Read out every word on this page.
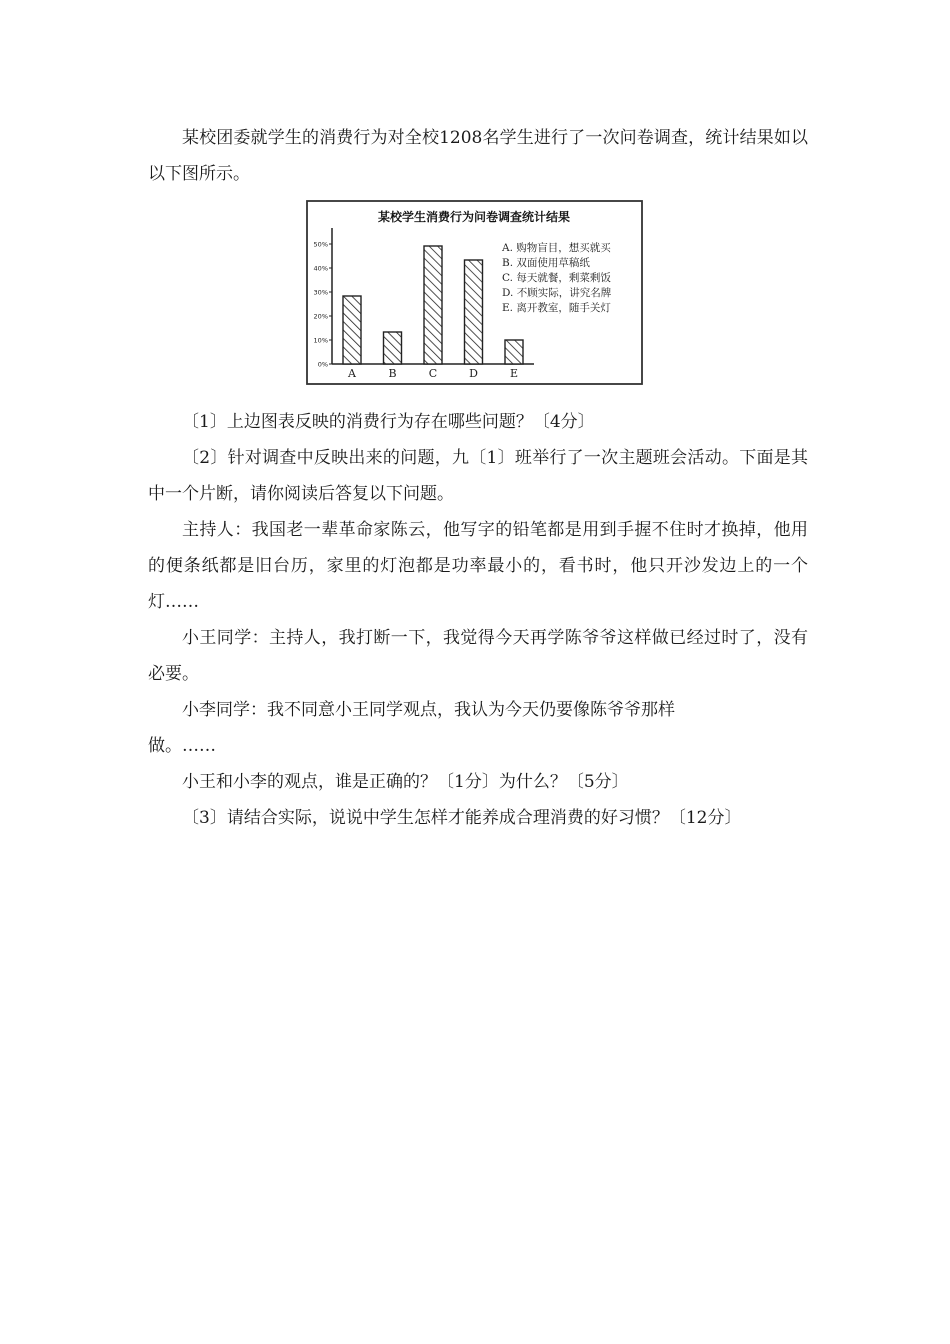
某校团委就学生的消费行为对全校1208名学生进行了一次问卷调查，统计结果如以以下图所示。

某校学生消费行为问卷调查统计结果
0%
10%
20%
30%
40%
50%
A	B	C	D	E
A. 购物盲目，想买就买
B. 双面使用草稿纸
C. 每天就餐，剩菜剩饭
D. 不顾实际，讲究名牌
E. 离开教室，随手关灯

〔1〕上边图表反映的消费行为存在哪些问题？〔4分〕

〔2〕针对调查中反映出来的问题，九〔1〕班举行了一次主题班会活动。下面是其中一个片断，请你阅读后答复以下问题。

主持人：我国老一辈革命家陈云，他写字的铅笔都是用到手握不住时才换掉，他用的便条纸都是旧台历，家里的灯泡都是功率最小的，看书时，他只开沙发边上的一个灯……

小王同学：主持人，我打断一下，我觉得今天再学陈爷爷这样做已经过时了，没有必要。

小李同学：我不同意小王同学观点，我认为今天仍要像陈爷爷那样

做。……

小王和小李的观点，谁是正确的？〔1分〕为什么？〔5分〕

〔3〕请结合实际，说说中学生怎样才能养成合理消费的好习惯？〔12分〕
